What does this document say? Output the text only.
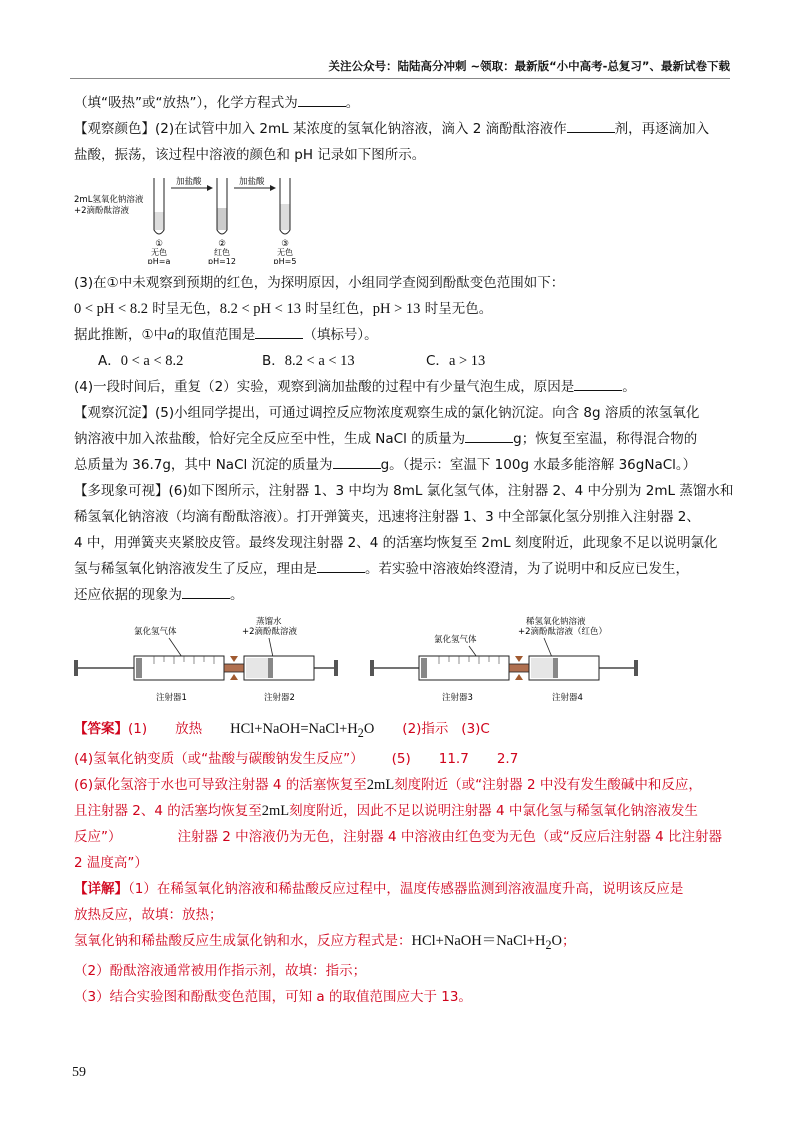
关注公众号：陆陆高分冲刺 ~领取：最新版“小中高考-总复习”、最新试卷下载

（填“吸热”或“放热”），化学方程式为	。

【观察颜色】(2)在试管中加入 2mL 某浓度的氢氧化钠溶液，滴入 2 滴酚酞溶液作	剂，再逐滴加入

盐酸，振荡，该过程中溶液的颜色和 pH 记录如下图所示。

2mL氢氧化钠溶液
+2滴酚酞溶液
加盐酸	加盐酸
①
无色
pH=a
②
红色
pH=12
③
无色
pH=5

(3)在①中未观察到预期的红色，为探明原因，小组同学查阅到酚酞变色范围如下：

0 < pH < 8.2 时呈无色，8.2 < pH < 13 时呈红色，pH > 13 时呈无色。

据此推断，①中a的取值范围是	（填标号）。

A．0 < a < 8.2	B．8.2 < a < 13	C．a > 13

(4)一段时间后，重复（2）实验，观察到滴加盐酸的过程中有少量气泡生成，原因是	。

【观察沉淀】(5)小组同学提出，可通过调控反应物浓度观察生成的氯化钠沉淀。向含 8g 溶质的浓氢氧化

钠溶液中加入浓盐酸，恰好完全反应至中性，生成 NaCl 的质量为	g；恢复至室温，称得混合物的

总质量为 36.7g，其中 NaCl 沉淀的质量为	g。（提示：室温下 100g 水最多能溶解 36gNaCl。）

【多现象可视】(6)如下图所示，注射器 1、3 中均为 8mL 氯化氢气体，注射器 2、4 中分别为 2mL 蒸馏水和

稀氢氧化钠溶液（均滴有酚酞溶液）。打开弹簧夹，迅速将注射器 1、3 中全部氯化氢分别推入注射器 2、

4 中，用弹簧夹夹紧胶皮管。最终发现注射器 2、4 的活塞均恢复至 2mL 刻度附近，此现象不足以说明氯化

氢与稀氢氧化钠溶液发生了反应，理由是	。若实验中溶液始终澄清，为了说明中和反应已发生，

还应依据的现象为	。

氯化氢气体
蒸馏水
+2滴酚酞溶液
注射器1	注射器2
氯化氢气体
稀氢氧化钠溶液
+2滴酚酞溶液（红色）
注射器3	注射器4

【答案】(1) 放热 $HCl+NaOH=NaCl+H_2O$ (2)指示 (3)C

(4)氢氧化钠变质（或“盐酸与碳酸钠发生反应”） (5) 11.7 2.7

(6)氯化氢溶于水也可导致注射器 4 的活塞恢复至2mL刻度附近（或“注射器 2 中没有发生酸碱中和反应，

且注射器 2、4 的活塞均恢复至2mL刻度附近，因此不足以说明注射器 4 中氯化氢与稀氢氧化钠溶液发生

反应”）	注射器 2 中溶液仍为无色，注射器 4 中溶液由红色变为无色（或“反应后注射器 4 比注射器

2 温度高”）

【详解】（1）在稀氢氧化钠溶液和稀盐酸反应过程中，温度传感器监测到溶液温度升高，说明该反应是

放热反应，故填：放热；

氢氧化钠和稀盐酸反应生成氯化钠和水，反应方程式是：$HCl+NaOH=NaCl+H_2O$；

（2）酚酞溶液通常被用作指示剂，故填：指示；

（3）结合实验图和酚酞变色范围，可知 a 的取值范围应大于 13。

59
